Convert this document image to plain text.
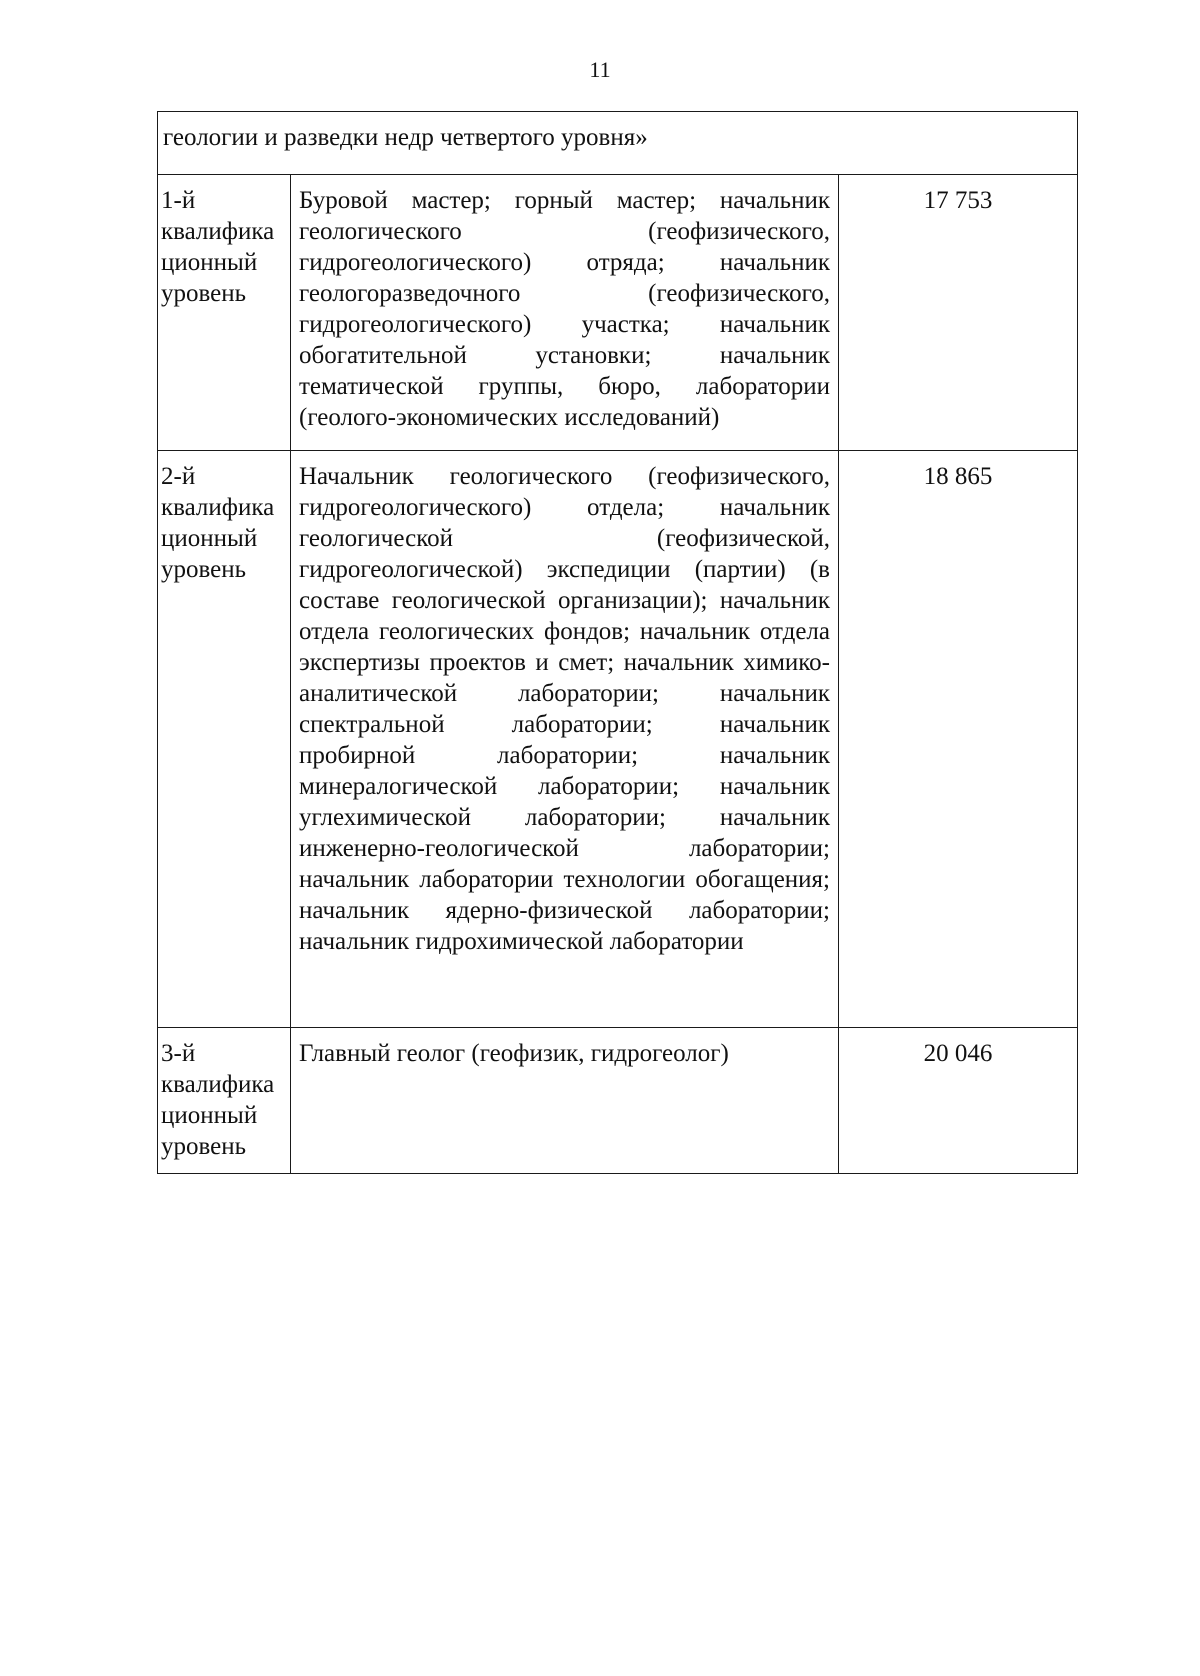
11
геологии и разведки недр четвертого уровня»		
1-й квалифика ционный уровень	Буровой мастер; горный мастер; начальник геологического (геофизического, гидрогеологического) отряда; начальник геологоразведочного (геофизического, гидрогеологического) участка; начальник обогатительной установки; начальник тематической группы, бюро, лаборатории (геолого-экономических исследований)	17 753
2-й квалифика ционный уровень	Начальник геологического (геофизического, гидрогеологического) отдела; начальник геологической (геофизической, гидрогеологической) экспедиции (партии) (в составе геологической организации); начальник отдела геологических фондов; начальник отдела экспертизы проектов и смет; начальник химико- аналитической лаборатории; начальник спектральной лаборатории; начальник пробирной лаборатории; начальник минералогической лаборатории; начальник углехимической лаборатории; начальник инженерно-геологической лаборатории; начальник лаборатории технологии обогащения; начальник ядерно-физической лаборатории; начальник гидрохимической лаборатории	18 865
3-й квалифика ционный уровень	Главный геолог (геофизик, гидрогеолог)	20 046
